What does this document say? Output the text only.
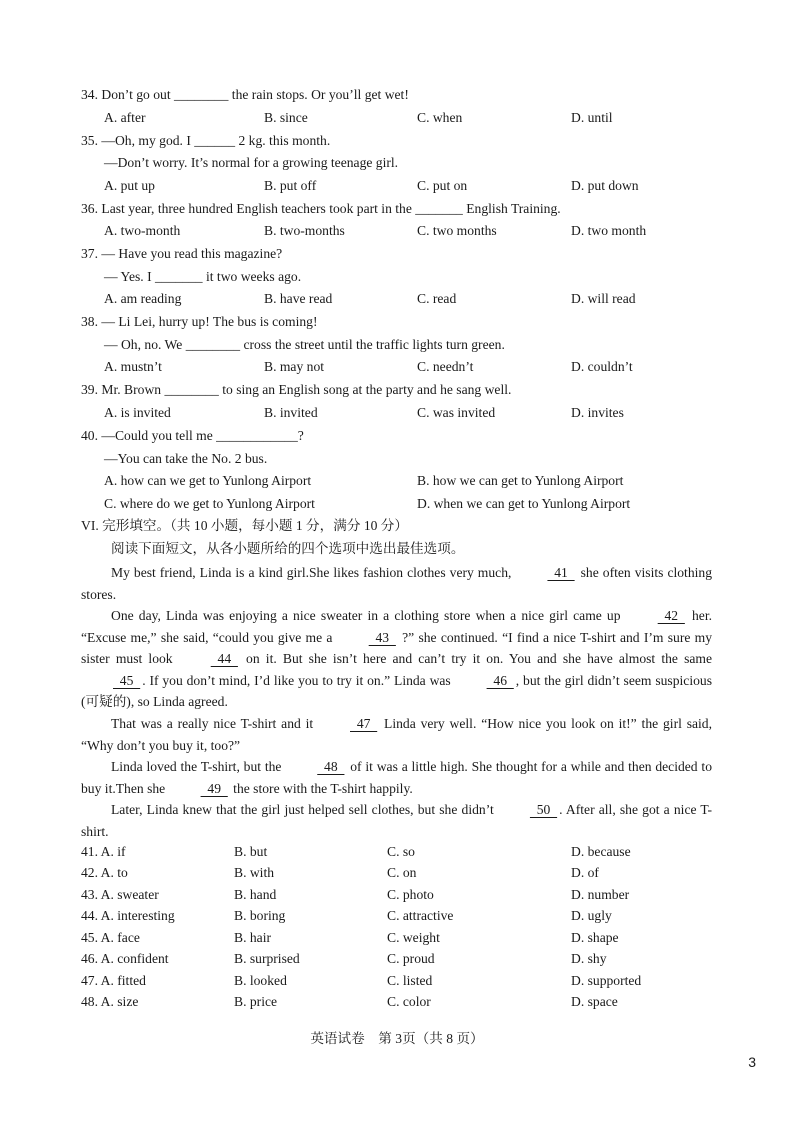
34. Don’t go out ________ the rain stops. Or you’ll get wet!
A. after	B. since	C. when	D. until
35. —Oh, my god. I ______ 2 kg. this month.
—Don’t worry. It’s normal for a growing teenage girl.
A. put up	B. put off	C. put on	D. put down
36. Last year, three hundred English teachers took part in the _______ English Training.
A. two-month	B. two-months	C. two months	D. two month
37. — Have you read this magazine?
— Yes. I _______ it two weeks ago.
A. am reading	B. have read	C. read	D. will read
38. — Li Lei, hurry up! The bus is coming!
— Oh, no. We ________ cross the street until the traffic lights turn green.
A. mustn’t	B. may not	C. needn’t	D. couldn’t
39. Mr. Brown ________ to sing an English song at the party and he sang well.
A. is invited	B. invited	C. was invited	D. invites
40. —Could you tell me ____________?
—You can take the No. 2 bus.
A. how can we get to Yunlong Airport	B. how we can get to Yunlong Airport
C. where do we get to Yunlong Airport	D. when we can get to Yunlong Airport
VI. 完形填空。（共 10 小题，每小题 1 分，满分 10 分）
阅读下面短文，从各小题所给的四个选项中选出最佳选项。
My best friend, Linda is a kind girl.She likes fashion clothes very much,   41   she often visits clothing stores.
One day, Linda was enjoying a nice sweater in a clothing store when a nice girl came up   42   her. “Excuse me,” she said, “could you give me a   43   ?” she continued. “I find a nice T-shirt and I’m sure my sister must look   44   on it. But she isn’t here and can’t try it on. You and she have almost the same   45  . If you don’t mind, I’d like you to try it on.” Linda was   46  , but the girl didn’t seem suspicious (可疑的), so Linda agreed.
That was a really nice T-shirt and it   47   Linda very well. “How nice you look on it!” the girl said, “Why don’t you buy it, too?”
Linda loved the T-shirt, but the   48   of it was a little high. She thought for a while and then decided to buy it.Then she   49   the store with the T-shirt happily.
Later, Linda knew that the girl just helped sell clothes, but she didn’t   50  . After all, she got a nice T-shirt.
41. A. if	B. but	C. so	D. because
42. A. to	B. with	C. on	D. of
43. A. sweater	B. hand	C. photo	D. number
44. A. interesting	B. boring	C. attractive	D. ugly
45. A. face	B. hair	C. weight	D. shape
46. A. confident	B. surprised	C. proud	D. shy
47. A. fitted	B. looked	C. listed	D. supported
48. A. size	B. price	C. color	D. space
英语试卷　第 3页（共 8 页）
3
